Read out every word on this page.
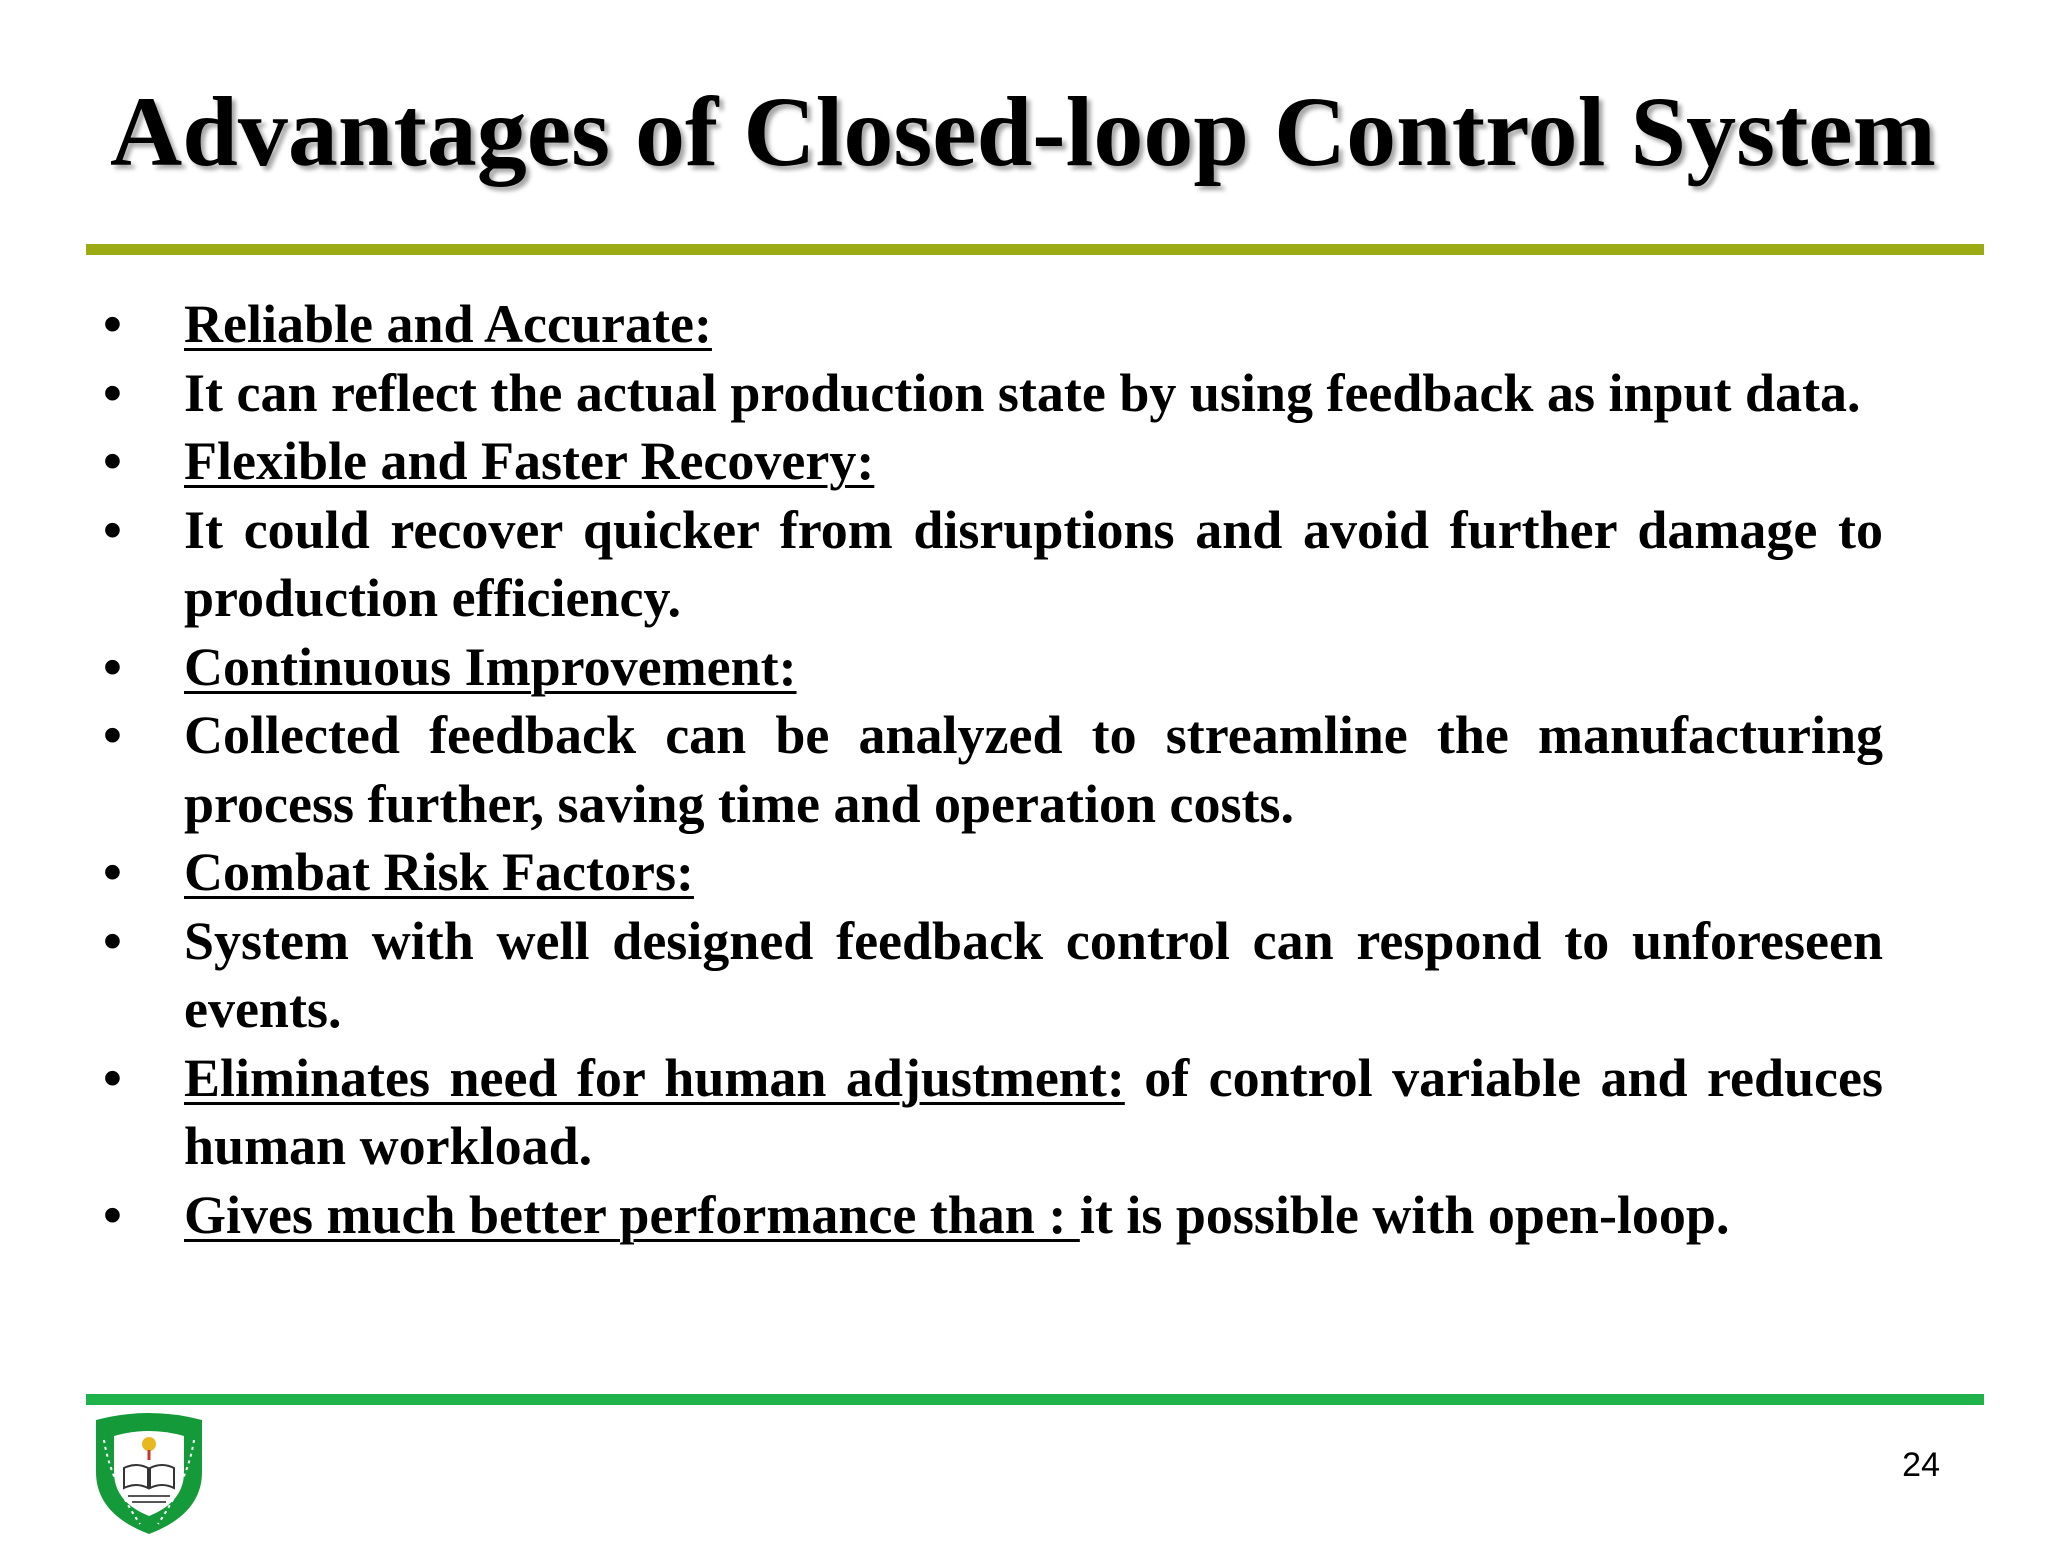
Advantages of Closed-loop Control System
• Reliable and Accurate:
• It can reflect the actual production state by using feedback as input data.
• Flexible and Faster Recovery:
• It could recover quicker from disruptions and avoid further damage to production efficiency.
• Continuous Improvement:
• Collected feedback can be analyzed to streamline the manufacturing process further, saving time and operation costs.
• Combat Risk Factors:
• System with well designed feedback control can respond to unforeseen events.
• Eliminates need for human adjustment: of control variable and reduces human workload.
• Gives much better performance than : it is possible with open-loop.
24
